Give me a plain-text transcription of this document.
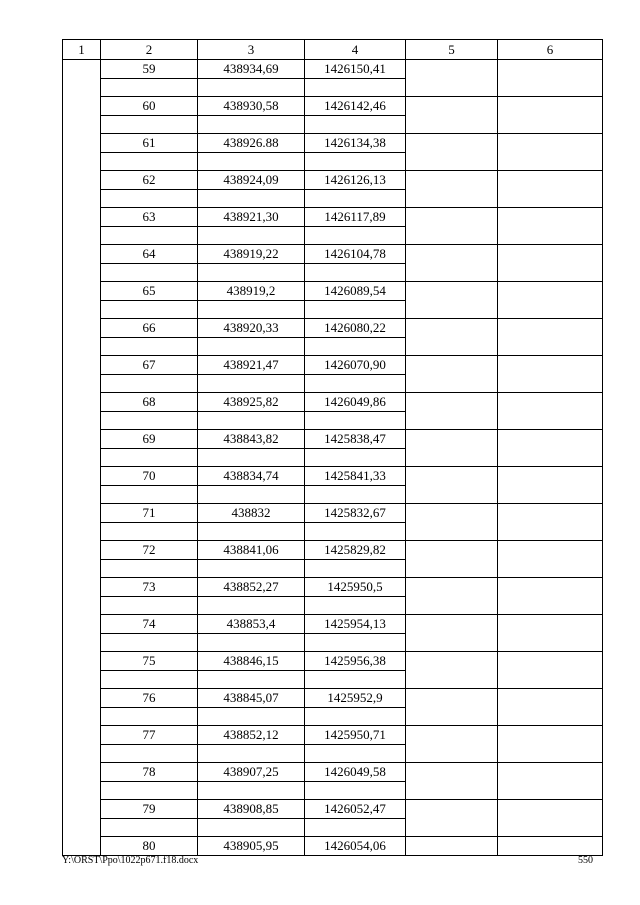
1	2	3	4	5	6	
	59	438934,69	1426150,41			

	60	438930,58	1426142,46			

	61	438926.88	1426134,38			

	62	438924,09	1426126,13			

	63	438921,30	1426117,89			

	64	438919,22	1426104,78			

	65	438919,2	1426089,54			

	66	438920,33	1426080,22			

	67	438921,47	1426070,90			

	68	438925,82	1426049,86			

	69	438843,82	1425838,47			

	70	438834,74	1425841,33			

	71	438832	1425832,67			

	72	438841,06	1425829,82			

	73	438852,27	1425950,5			

	74	438853,4	1425954,13			

	75	438846,15	1425956,38			

	76	438845,07	1425952,9			

	77	438852,12	1425950,71			

	78	438907,25	1426049,58			

	79	438908,85	1426052,47			

	80	438905,95	1426054,06			
Y:\ORST\Ppo\1022p671.f18.docx	550
